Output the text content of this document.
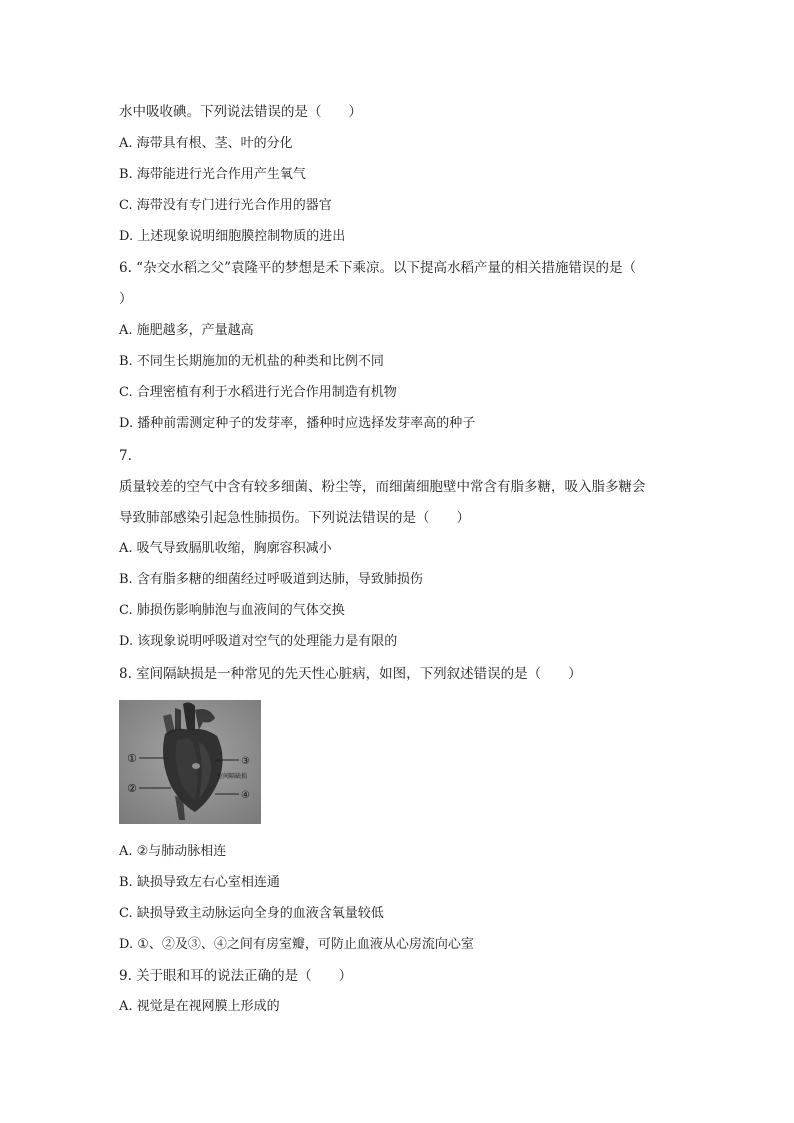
水中吸收碘。下列说法错误的是（　　）
A. 海带具有根、茎、叶的分化
B. 海带能进行光合作用产生氧气
C. 海带没有专门进行光合作用的器官
D. 上述现象说明细胞膜控制物质的进出
6. “杂交水稻之父”袁隆平的梦想是禾下乘凉。以下提高水稻产量的相关措施错误的是（
）
A. 施肥越多，产量越高
B. 不同生长期施加的无机盐的种类和比例不同
C. 合理密植有利于水稻进行光合作用制造有机物
D. 播种前需测定种子的发芽率，播种时应选择发芽率高的种子
7.
质量较差的空气中含有较多细菌、粉尘等，而细菌细胞壁中常含有脂多糖，吸入脂多糖会
导致肺部感染引起急性肺损伤。下列说法错误的是（　　）
A. 吸气导致膈肌收缩，胸廓容积减小
B. 含有脂多糖的细菌经过呼吸道到达肺，导致肺损伤
C. 肺损伤影响肺泡与血液间的气体交换
D. 该现象说明呼吸道对空气的处理能力是有限的
8. 室间隔缺损是一种常见的先天性心脏病，如图，下列叙述错误的是（　　）
①
②
③
④
室间隔缺损
A. ②与肺动脉相连
B. 缺损导致左右心室相连通
C. 缺损导致主动脉运向全身的血液含氧量较低
D. ①、②及③、④之间有房室瓣，可防止血液从心房流向心室
9. 关于眼和耳的说法正确的是（　　）
A. 视觉是在视网膜上形成的
